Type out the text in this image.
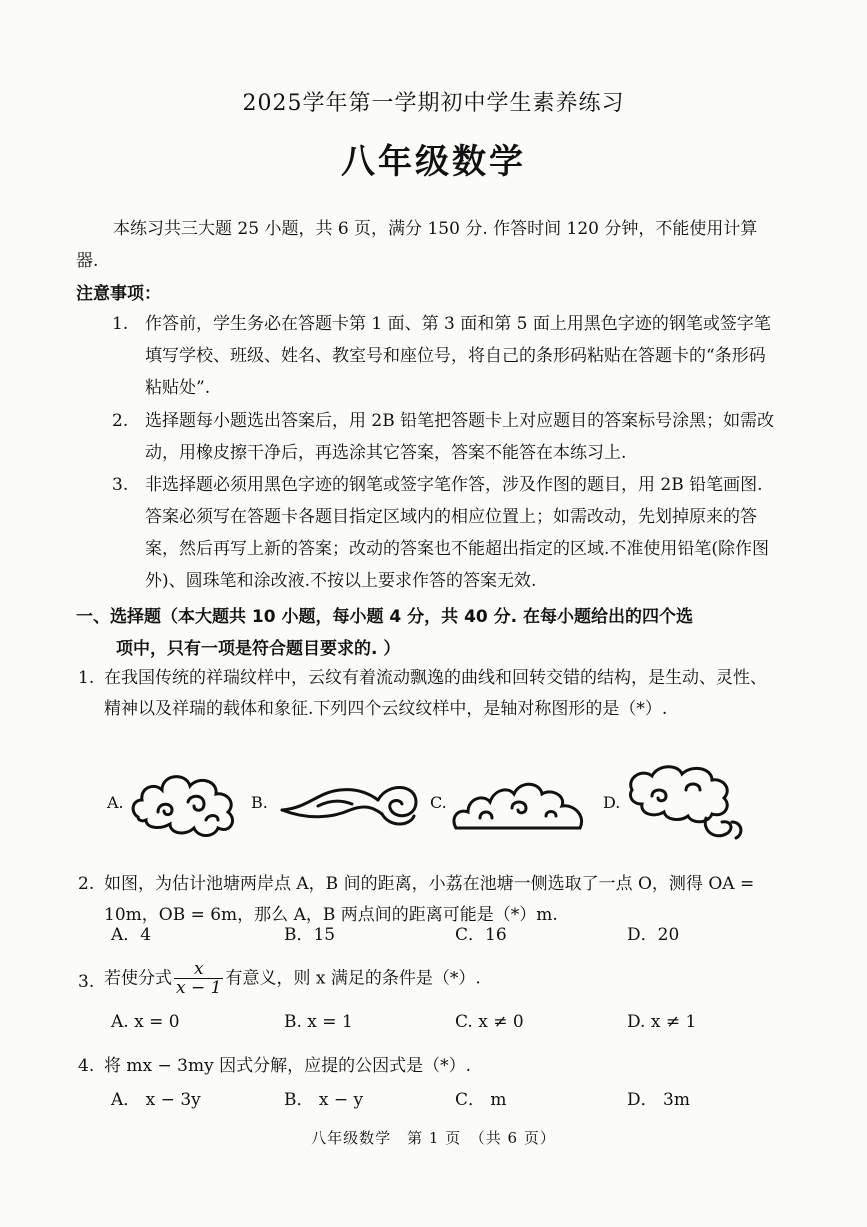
2025学年第一学期初中学生素养练习
八年级数学
本练习共三大题 25 小题，共 6 页，满分 150 分. 作答时间 120 分钟，不能使用计算器.
注意事项：
1. 作答前，学生务必在答题卡第 1 面、第 3 面和第 5 面上用黑色字迹的钢笔或签字笔填写学校、班级、姓名、教室号和座位号，将自己的条形码粘贴在答题卡的“条形码粘贴处”.
2. 选择题每小题选出答案后，用 2B 铅笔把答题卡上对应题目的答案标号涂黑；如需改动，用橡皮擦干净后，再选涂其它答案，答案不能答在本练习上.
3. 非选择题必须用黑色字迹的钢笔或签字笔作答，涉及作图的题目，用 2B 铅笔画图.答案必须写在答题卡各题目指定区域内的相应位置上；如需改动，先划掉原来的答案，然后再写上新的答案；改动的答案也不能超出指定的区域.不准使用铅笔(除作图外)、圆珠笔和涂改液.不按以上要求作答的答案无效.
一、选择题（本大题共 10 小题，每小题 4 分，共 40 分. 在每小题给出的四个选
项中，只有一项是符合题目要求的. ）
1. 在我国传统的祥瑞纹样中，云纹有着流动飘逸的曲线和回转交错的结构，是生动、灵性、精神以及祥瑞的载体和象征.下列四个云纹纹样中，是轴对称图形的是（*）.
A.	B.	C.	D.
2. 如图，为估计池塘两岸点 A，B 间的距离，小荔在池塘一侧选取了一点 O，测得 OA = 10m，OB = 6m，那么 A，B 两点间的距离可能是（*）m.
A．4	B．15	C．16	D．20
3. 若使分式 $\frac{x}{x - 1}$ 有意义，则 x 满足的条件是（*）.
A. x = 0	B. x = 1	C. x ≠ 0	D. x ≠ 1
4. 将 mx − 3my 因式分解，应提的公因式是（*）.
A． x − 3y	B． x − y	C． m	D． 3m
八年级数学　第 1 页　（共 6 页）
